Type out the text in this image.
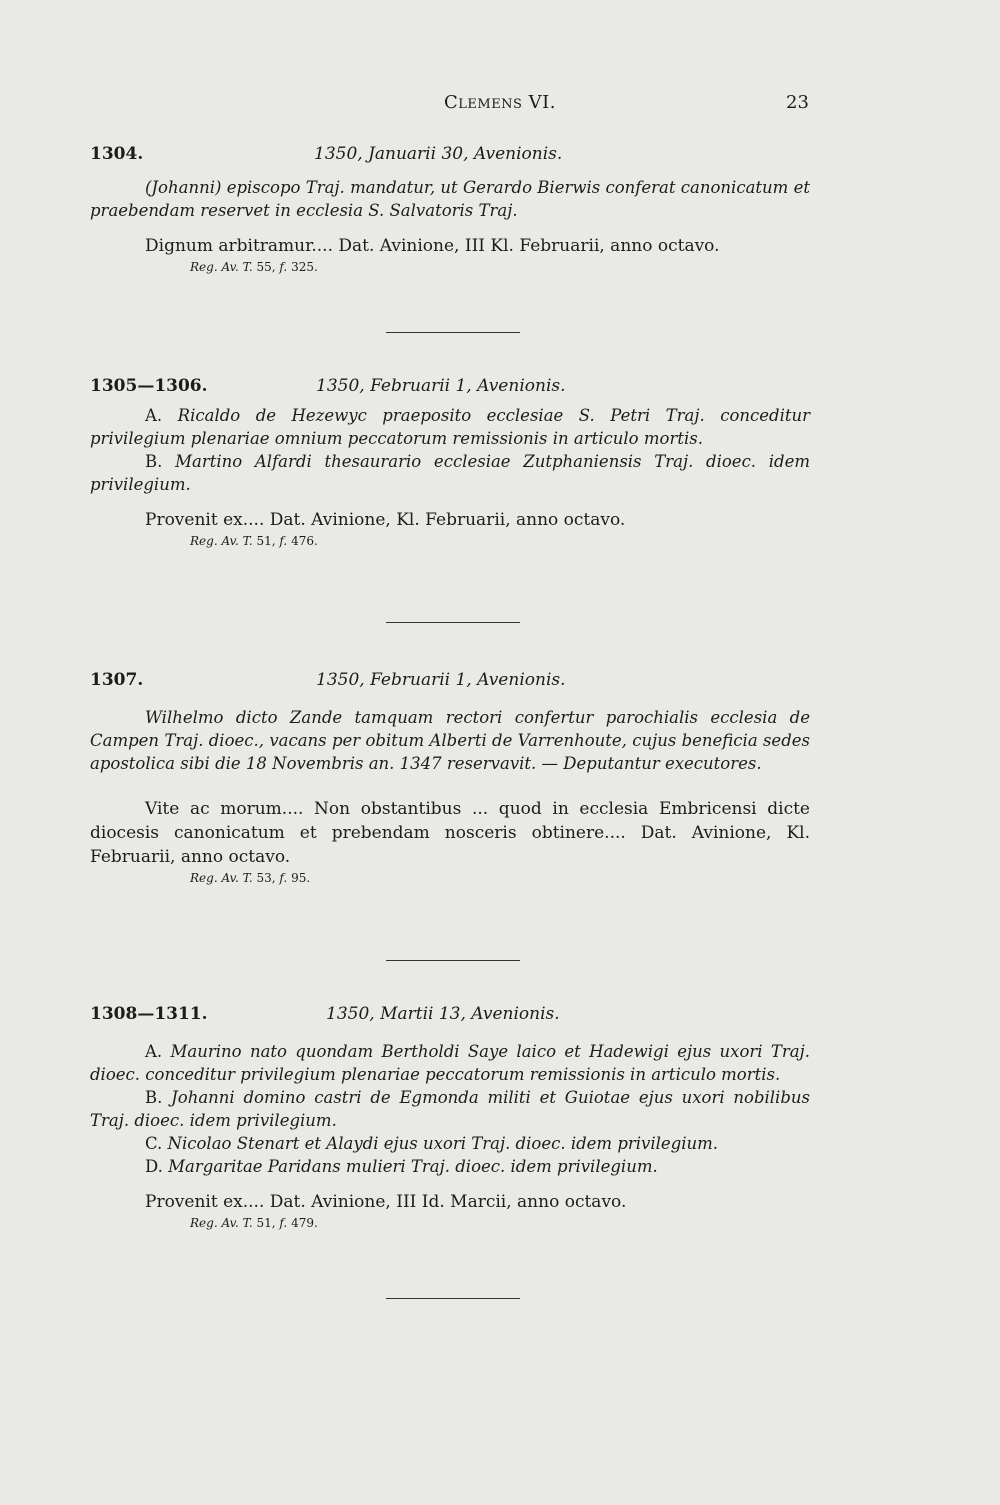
Clemens VI.	23
1304.	1350, Januarii 30, Avenionis.

(Johanni) episcopo Traj. mandatur, ut Gerardo Bierwis conferat canonicatum et praebendam reservet in ecclesia S. Salvatoris Traj.

Dignum arbitramur.... Dat. Avinione, III Kl. Februarii, anno octavo.

Reg. Av. T. 55, f. 325.
1305—1306.	1350, Februarii 1, Avenionis.

A. Ricaldo de Hezewyc praeposito ecclesiae S. Petri Traj. conceditur privilegium plenariae omnium peccatorum remissionis in articulo mortis.

B. Martino Alfardi thesaurario ecclesiae Zutphaniensis Traj. dioec. idem privilegium.

Provenit ex.... Dat. Avinione, Kl. Februarii, anno octavo.

Reg. Av. T. 51, f. 476.
1307.	1350, Februarii 1, Avenionis.

Wilhelmo dicto Zande tamquam rectori confertur parochialis ecclesia de Campen Traj. dioec., vacans per obitum Alberti de Varrenhoute, cujus beneficia sedes apostolica sibi die 18 Novembris an. 1347 reservavit. — Deputantur executores.

Vite ac morum.... Non obstantibus ... quod in ecclesia Embricensi dicte diocesis canonicatum et prebendam nosceris obtinere.... Dat. Avinione, Kl. Februarii, anno octavo.

Reg. Av. T. 53, f. 95.
1308—1311.	1350, Martii 13, Avenionis.

A. Maurino nato quondam Bertholdi Saye laico et Hadewigi ejus uxori Traj. dioec. conceditur privilegium plenariae peccatorum remissionis in articulo mortis.

B. Johanni domino castri de Egmonda militi et Guiotae ejus uxori nobilibus Traj. dioec. idem privilegium.

C. Nicolao Stenart et Alaydi ejus uxori Traj. dioec. idem privilegium.

D. Margaritae Paridans mulieri Traj. dioec. idem privilegium.

Provenit ex.... Dat. Avinione, III Id. Marcii, anno octavo.

Reg. Av. T. 51, f. 479.
